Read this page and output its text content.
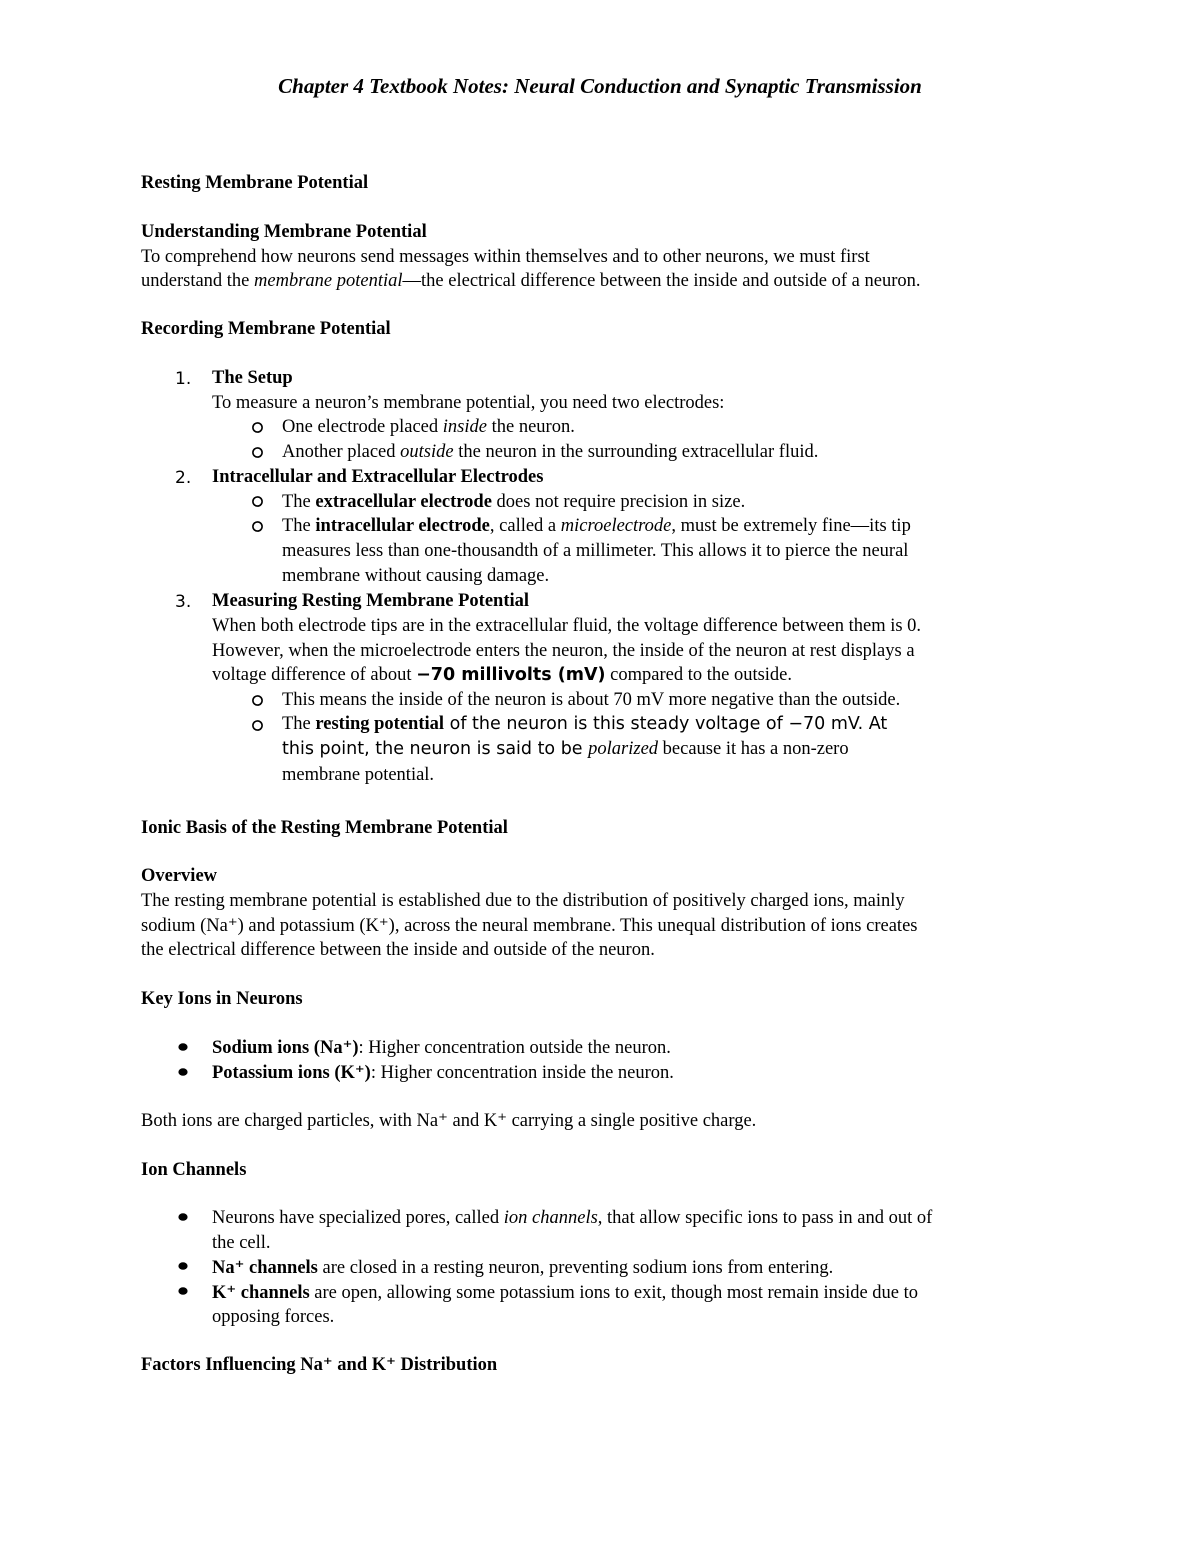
Chapter 4 Textbook Notes: Neural Conduction and Synaptic Transmission
Resting Membrane Potential
Understanding Membrane Potential
To comprehend how neurons send messages within themselves and to other neurons, we must first
understand the membrane potential—the electrical difference between the inside and outside of a neuron.
Recording Membrane Potential
1. The Setup
To measure a neuron’s membrane potential, you need two electrodes:
One electrode placed inside the neuron.
Another placed outside the neuron in the surrounding extracellular fluid.
2. Intracellular and Extracellular Electrodes
The extracellular electrode does not require precision in size.
The intracellular electrode, called a microelectrode, must be extremely fine—its tip
measures less than one-thousandth of a millimeter. This allows it to pierce the neural
membrane without causing damage.
3. Measuring Resting Membrane Potential
When both electrode tips are in the extracellular fluid, the voltage difference between them is 0.
However, when the microelectrode enters the neuron, the inside of the neuron at rest displays a
voltage difference of about −70 millivolts (mV) compared to the outside.
This means the inside of the neuron is about 70 mV more negative than the outside.
The resting potential of the neuron is this steady voltage of −70 mV. At
this point, the neuron is said to be polarized because it has a non-zero
membrane potential.
Ionic Basis of the Resting Membrane Potential
Overview
The resting membrane potential is established due to the distribution of positively charged ions, mainly
sodium (Na⁺) and potassium (K⁺), across the neural membrane. This unequal distribution of ions creates
the electrical difference between the inside and outside of the neuron.
Key Ions in Neurons
Sodium ions (Na⁺): Higher concentration outside the neuron.
Potassium ions (K⁺): Higher concentration inside the neuron.
Both ions are charged particles, with Na⁺ and K⁺ carrying a single positive charge.
Ion Channels
Neurons have specialized pores, called ion channels, that allow specific ions to pass in and out of
the cell.
Na⁺ channels are closed in a resting neuron, preventing sodium ions from entering.
K⁺ channels are open, allowing some potassium ions to exit, though most remain inside due to
opposing forces.
Factors Influencing Na⁺ and K⁺ Distribution
